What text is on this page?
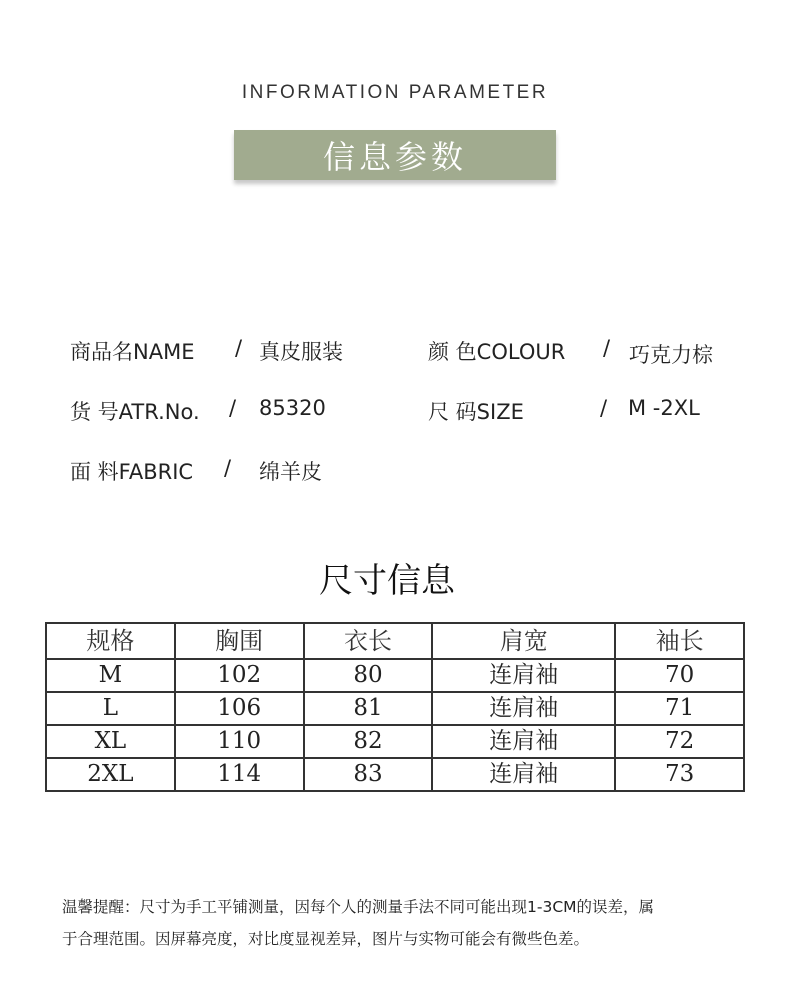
INFORMATION PARAMETER
信息参数
商品名NAME / 真皮服装	颜 色COLOUR / 巧克力棕
货 号ATR.No. / 85320	尺 码SIZE	/ M -2XL
面 料FABRIC / 绵羊皮
尺寸信息
规格	胸围	衣长	肩宽	袖长
M	102	80	连肩袖	70
L	106	81	连肩袖	71
XL	110	82	连肩袖	72
2XL	114	83	连肩袖	73
温馨提醒：尺寸为手工平铺测量，因每个人的测量手法不同可能出现1-3CM的误差，属
于合理范围。因屏幕亮度，对比度显视差异，图片与实物可能会有微些色差。
